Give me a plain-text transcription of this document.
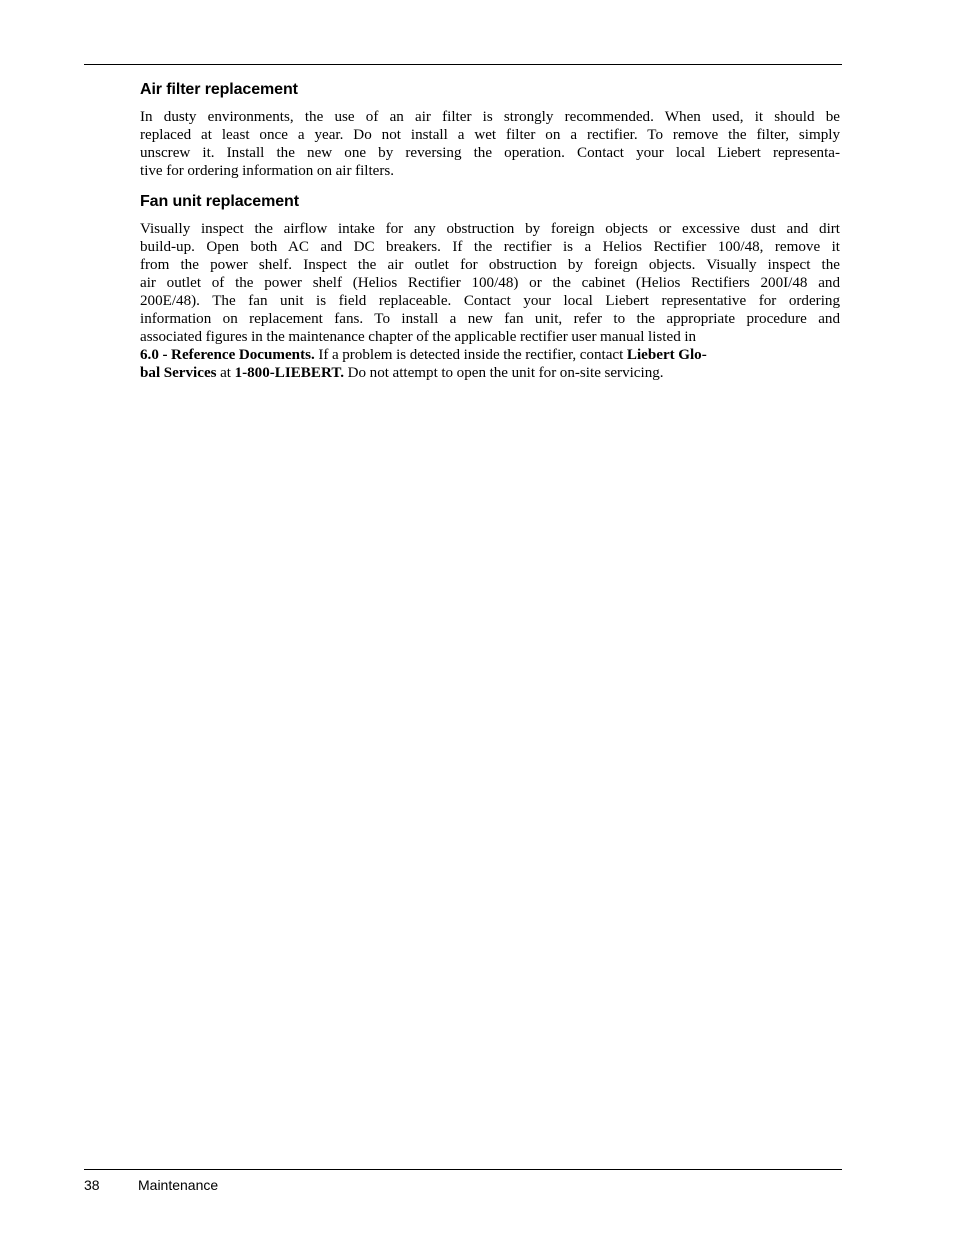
Air filter replacement

In dusty environments, the use of an air filter is strongly recommended. When used, it should be
replaced at least once a year. Do not install a wet filter on a rectifier. To remove the filter, simply
unscrew it. Install the new one by reversing the operation. Contact your local Liebert representa-
tive for ordering information on air filters.

Fan unit replacement

Visually inspect the airflow intake for any obstruction by foreign objects or excessive dust and dirt
build-up. Open both AC and DC breakers. If the rectifier is a Helios Rectifier 100/48, remove it
from the power shelf. Inspect the air outlet for obstruction by foreign objects. Visually inspect the
air outlet of the power shelf (Helios Rectifier 100/48) or the cabinet (Helios Rectifiers 200I/48 and
200E/48). The fan unit is field replaceable. Contact your local Liebert representative for ordering
information on replacement fans. To install a new fan unit, refer to the appropriate procedure and
associated figures in the maintenance chapter of the applicable rectifier user manual listed in
6.0 - Reference Documents. If a problem is detected inside the rectifier, contact Liebert Glo-
bal Services at 1-800-LIEBERT. Do not attempt to open the unit for on-site servicing.

38	Maintenance
